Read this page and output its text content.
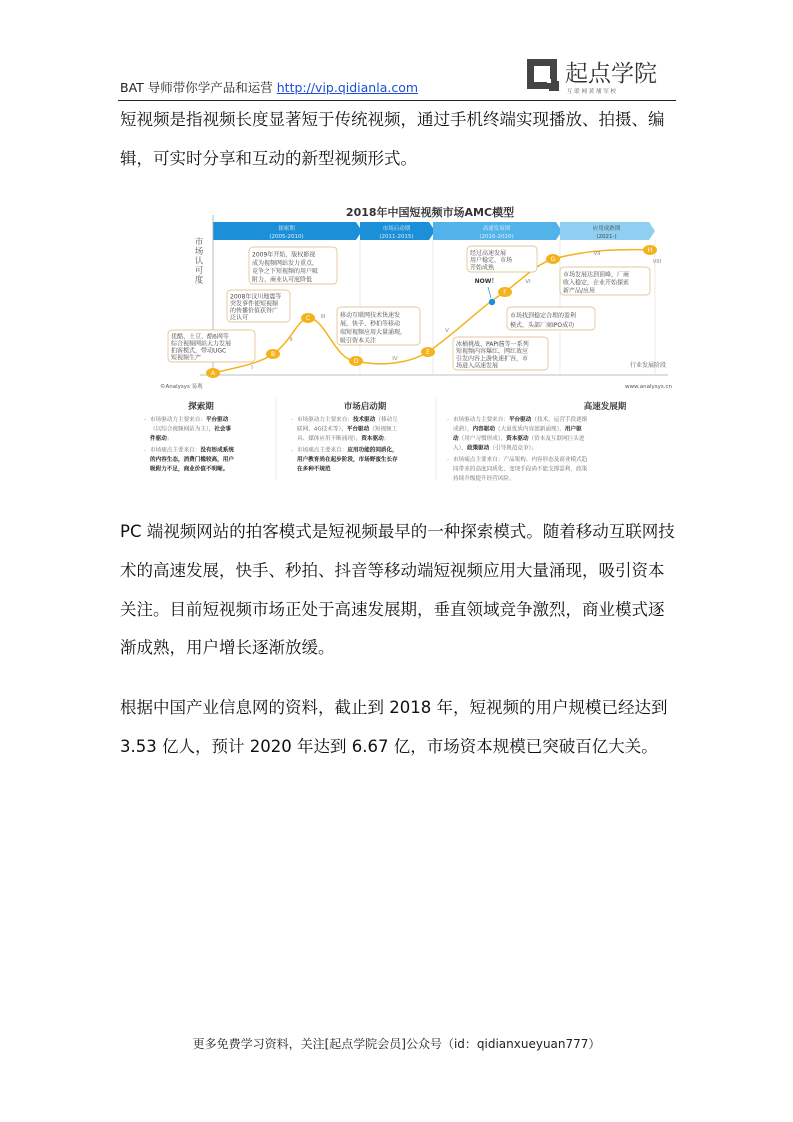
BAT 导师带你学产品和运营 http://vip.qidianla.com
起点学院
互 联 网 黄 埔 军 校

短视频是指视频长度显著短于传统视频，通过手机终端实现播放、拍摄、编辑，可实时分享和互动的新型视频形式。

2018年中国短视频市场AMC模型
探索期
(2005-2010)
市场启动期
(2011-2015)
高速发展期
(2016-2020)
应用成熟期
(2021-)
行业发展阶段
©Analysys 易观	www.analysys.cn
优酷、土豆、酷6网等
综合视频网站大力发展
拍客模式，带动UGC
短视频生产
2008年汶川地震等
突发事件使短视频
的传播价值获得广
泛认可
2009年开始，版权影视
成为视频网站发力重点，
竞争之下短视频的用户吸
附力、商业认可度降低
移动互联网技术快速发
展，快手、秒拍等移动
端短视频应用大量涌现，
吸引资本关注	冰桶挑战、PAPI酱等一系列
短视频内容爆红，网红效应
引发内容上游快速扩容，市
场进入高速发展
市场找到稳定合理的盈利
模式，头部厂商IPO成功
经过高速发展
用户稳定，市场
开始成熟
市场发展达到顶峰，厂商
收入稳定，企业开始探索
新产品/应用
NOW！
A
B
C
D
E
F
G
H
I
II
III
IV
V
VI
VII
VIII
探索期
- 市场驱动力主要来自：平台驱动
（以综合视频网站为主），社会事
件驱动；
- 市场痛点主要来自：没有形成系统
的内容生态，消费门槛较高，用户
吸附力不足，商业价值不明晰。
市场启动期
- 市场驱动力主要来自：技术驱动（移动互
联网、4G技术等），平台驱动（短视频工
具、媒体应用不断涌现），资本驱动；
- 市场痛点主要来自：应用功能的同质化，
用户教育尚在起步阶段，市场野蛮生长存
在多种不规范
高速发展期
- 市场驱动力主要来自：平台驱动（技术、运营手段逐渐
成熟），内容驱动（大量优质内容创新涌现），用户驱
动（用户习惯形成），资本驱动（资本及互联网巨头进
入），政策驱动（引导规范竞争）；
- 市场痛点主要来自：产品架构、内容形态及商业模式趋
同带来的高度同质化，变现手段尚不能支撑盈利，政策
持续升级提升经营风险。
市场认可度

PC 端视频网站的拍客模式是短视频最早的一种探索模式。随着移动互联网技术的高速发展，快手、秒拍、抖音等移动端短视频应用大量涌现，吸引资本关注。目前短视频市场正处于高速发展期，垂直领域竞争激烈，商业模式逐渐成熟，用户增长逐渐放缓。

根据中国产业信息网的资料，截止到 2018 年，短视频的用户规模已经达到 3.53 亿人，预计 2020 年达到 6.67 亿，市场资本规模已突破百亿大关。

更多免费学习资料，关注[起点学院会员]公众号（id：qidianxueyuan777）
